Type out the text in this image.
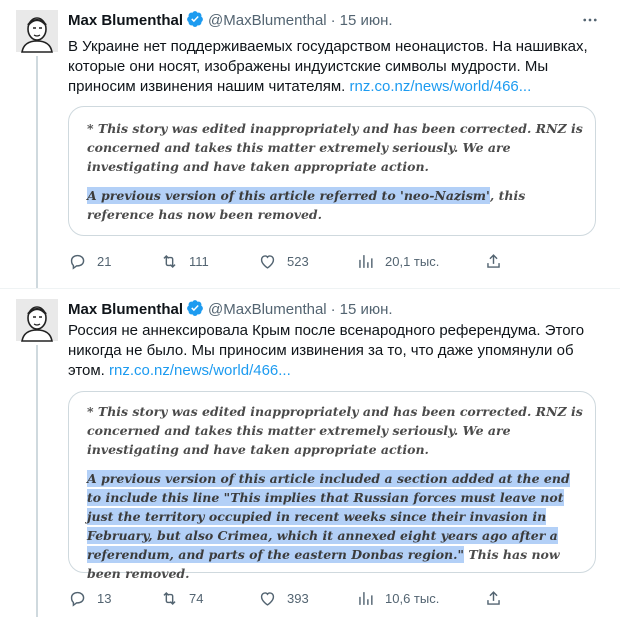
Max Blumenthal @MaxBlumenthal · 15 июн.
В Украине нет поддерживаемых государством неонацистов. На нашивках, которые они носят, изображены индуистские символы мудрости. Мы приносим извинения нашим читателям. rnz.co.nz/news/world/466...

* This story was edited inappropriately and has been corrected. RNZ is concerned and takes this matter extremely seriously. We are investigating and have taken appropriate action.

A previous version of this article referred to 'neo-Nazism', this reference has now been removed.

21	111	523	20,1 тыс.
Max Blumenthal @MaxBlumenthal · 15 июн.
Россия не аннексировала Крым после всенародного референдума. Этого никогда не было. Мы приносим извинения за то, что даже упомянули об этом. rnz.co.nz/news/world/466...

* This story was edited inappropriately and has been corrected. RNZ is concerned and takes this matter extremely seriously. We are investigating and have taken appropriate action.

A previous version of this article included a section added at the end to include this line "This implies that Russian forces must leave not just the territory occupied in recent weeks since their invasion in February, but also Crimea, which it annexed eight years ago after a referendum, and parts of the eastern Donbas region." This has now been removed.

13	74	393	10,6 тыс.
